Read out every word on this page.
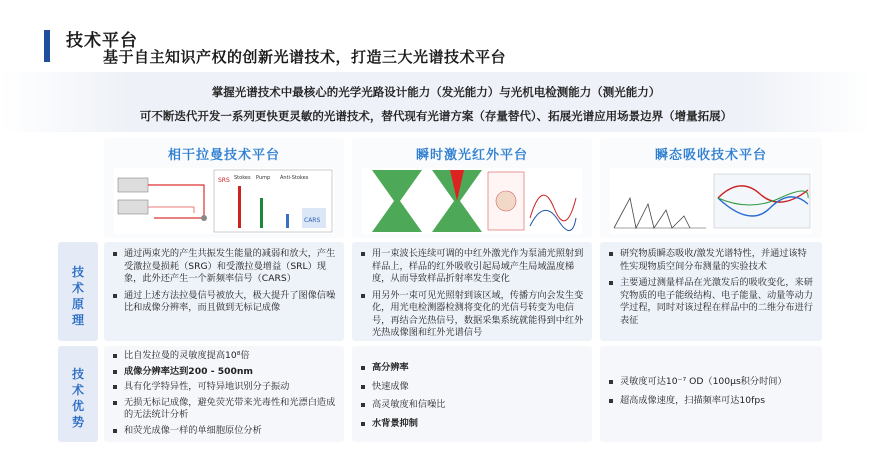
技术平台
基于自主知识产权的创新光谱技术，打造三大光谱技术平台
掌握光谱技术中最核心的光学光路设计能力（发光能力）与光机电检测能力（测光能力）
可不断迭代开发一系列更快更灵敏的光谱技术，替代现有光谱方案（存量替代）、拓展光谱应用场景边界（增量拓展）
相干拉曼技术平台
SRS Stokes Pump Anti-Stokes
CARS
瞬时激光红外平台	瞬态吸收技术平台
技
术
原
理
技
术
优
势
通过两束光的产生共振发生能量的减弱和放大，产生受激拉曼损耗（SRG）和受激拉曼增益（SRL）现象，此外还产生一个新频率信号（CARS）
通过上述方法拉曼信号被放大，极大提升了图像信噪比和成像分辨率，而且做到无标记成像
用一束波长连续可调的中红外激光作为泵浦光照射到样品上，样品的红外吸收引起局域产生局域温度梯度，从而导致样品折射率发生变化
用另外一束可见光照射到该区域，传播方向会发生变化，用光电检测器检测将变化的光信号转变为电信号，再结合光热信号，数据采集系统就能得到中红外光热成像图和红外光谱信号
研究物质瞬态吸收/激发光谱特性，并通过该特性实现物质空间分布测量的实验技术
主要通过测量样品在光激发后的吸收变化，来研究物质的电子能级结构、电子能量、动量等动力学过程，同时对该过程在样品中的二维分布进行表征
比自发拉曼的灵敏度提高10⁸倍
成像分辨率达到200 - 500nm
具有化学特异性，可特异地识别分子振动
无损无标记成像，避免荧光带来光毒性和光漂白造成的无法统计分析
和荧光成像一样的单细胞原位分析
高分辨率
快速成像
高灵敏度和信噪比
水背景抑制
灵敏度可达10⁻⁷ OD（100μs积分时间）
超高成像速度，扫描频率可达10fps
